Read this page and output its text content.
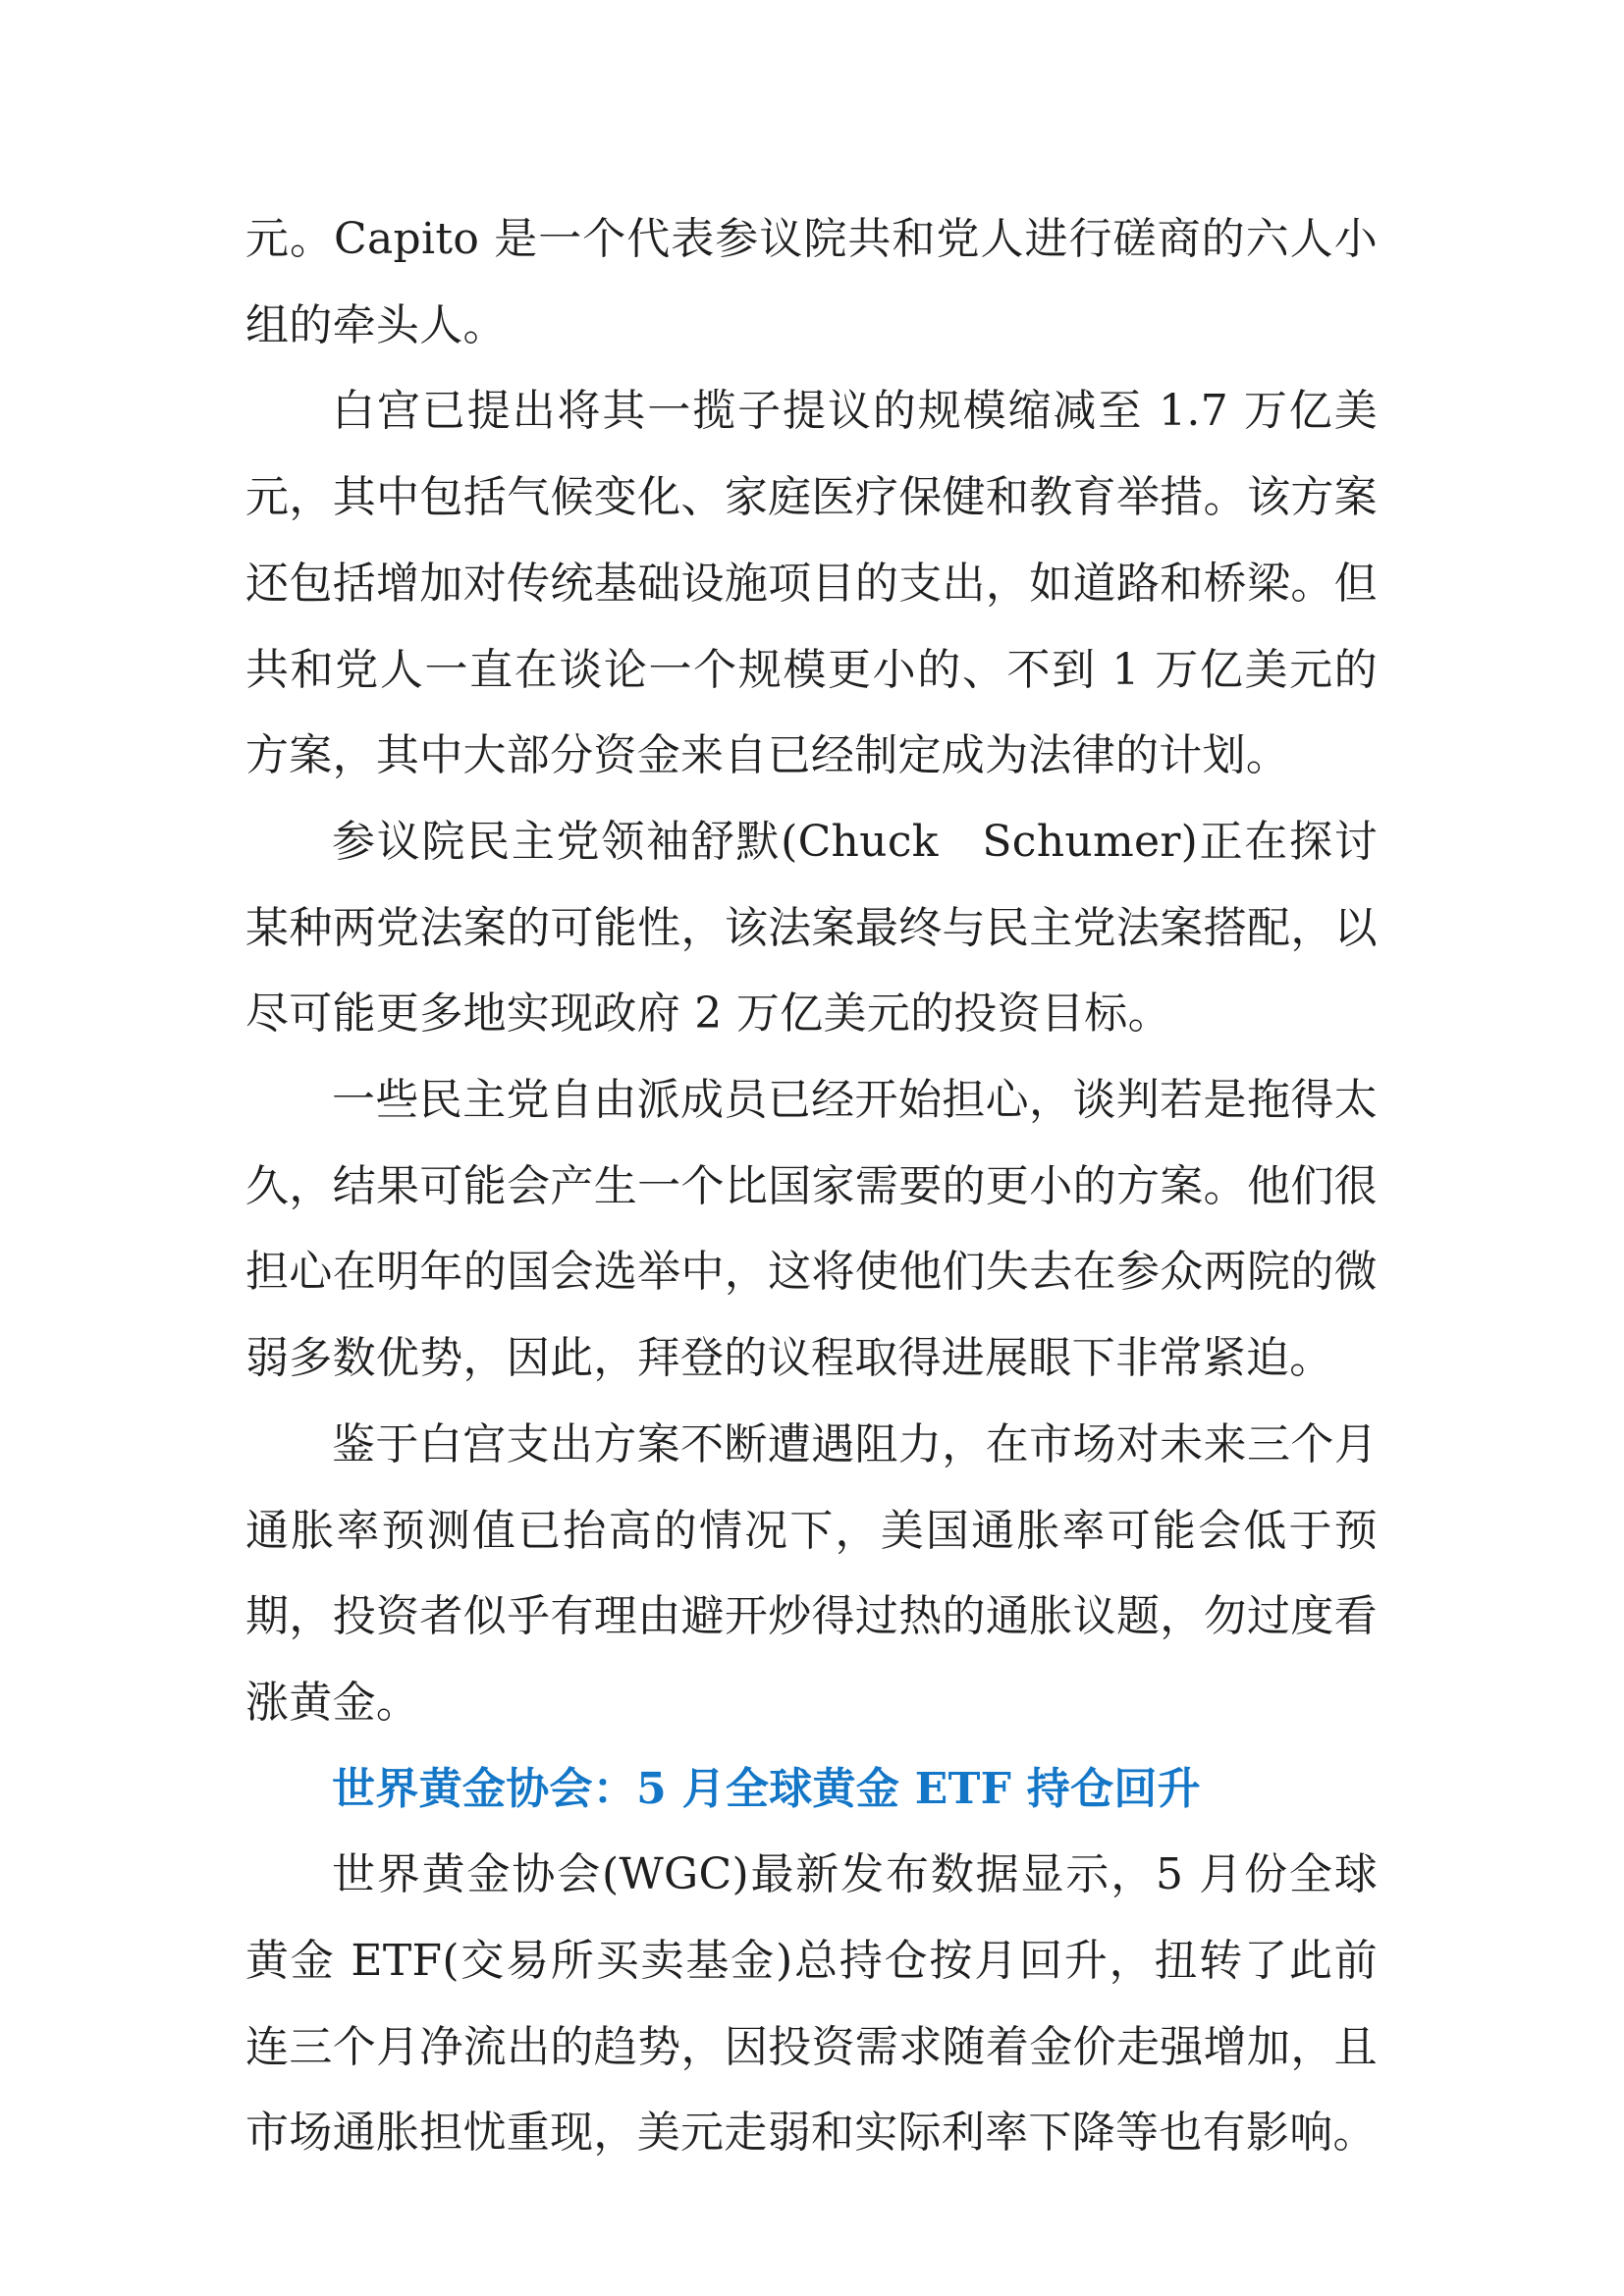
元。Capito 是一个代表参议院共和党人进行磋商的六人小组的牵头人。

白宫已提出将其一揽子提议的规模缩减至 1.7 万亿美元，其中包括气候变化、家庭医疗保健和教育举措。该方案还包括增加对传统基础设施项目的支出，如道路和桥梁。但共和党人一直在谈论一个规模更小的、不到 1 万亿美元的方案，其中大部分资金来自已经制定成为法律的计划。

参议院民主党领袖舒默(Chuck  Schumer)正在探讨某种两党法案的可能性，该法案最终与民主党法案搭配，以尽可能更多地实现政府 2 万亿美元的投资目标。

一些民主党自由派成员已经开始担心，谈判若是拖得太久，结果可能会产生一个比国家需要的更小的方案。他们很担心在明年的国会选举中，这将使他们失去在参众两院的微弱多数优势，因此，拜登的议程取得进展眼下非常紧迫。

鉴于白宫支出方案不断遭遇阻力，在市场对未来三个月通胀率预测值已抬高的情况下，美国通胀率可能会低于预期，投资者似乎有理由避开炒得过热的通胀议题，勿过度看涨黄金。

世界黄金协会：5 月全球黄金 ETF 持仓回升

世界黄金协会(WGC)最新发布数据显示，5 月份全球黄金 ETF(交易所买卖基金)总持仓按月回升，扭转了此前连三个月净流出的趋势，因投资需求随着金价走强增加，且市场通胀担忧重现，美元走弱和实际利率下降等也有影响。
